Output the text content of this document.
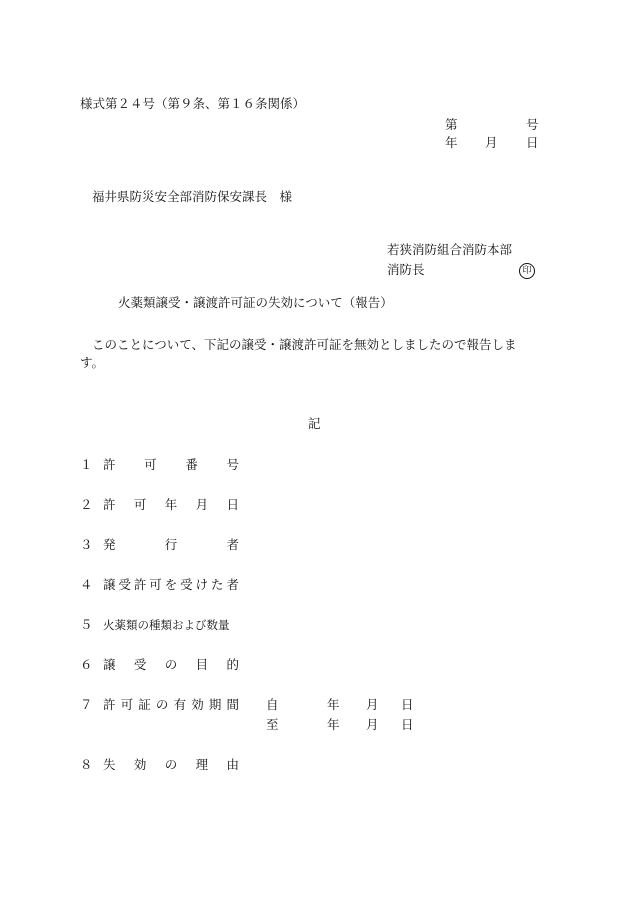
様式第２４号（第９条、第１６条関係）
第	号
年 月 日
福井県防災安全部消防保安課長　様
若狭消防組合消防本部
消防長	印
火薬類譲受・譲渡許可証の失効について（報告）
このことについて、下記の譲受・譲渡許可証を無効としましたので報告しま
す。
記
１ 許 可 番 号
２ 許 可 年 月 日
３ 発	行	者
４ 譲 受 許 可 を 受 け た 者
５ 火薬類の種類および数量
６ 譲 受 の 目 的
７ 許 可 証 の 有 効 期 間 自	年 月 日
至	年 月 日
８ 失 効 の 理 由
